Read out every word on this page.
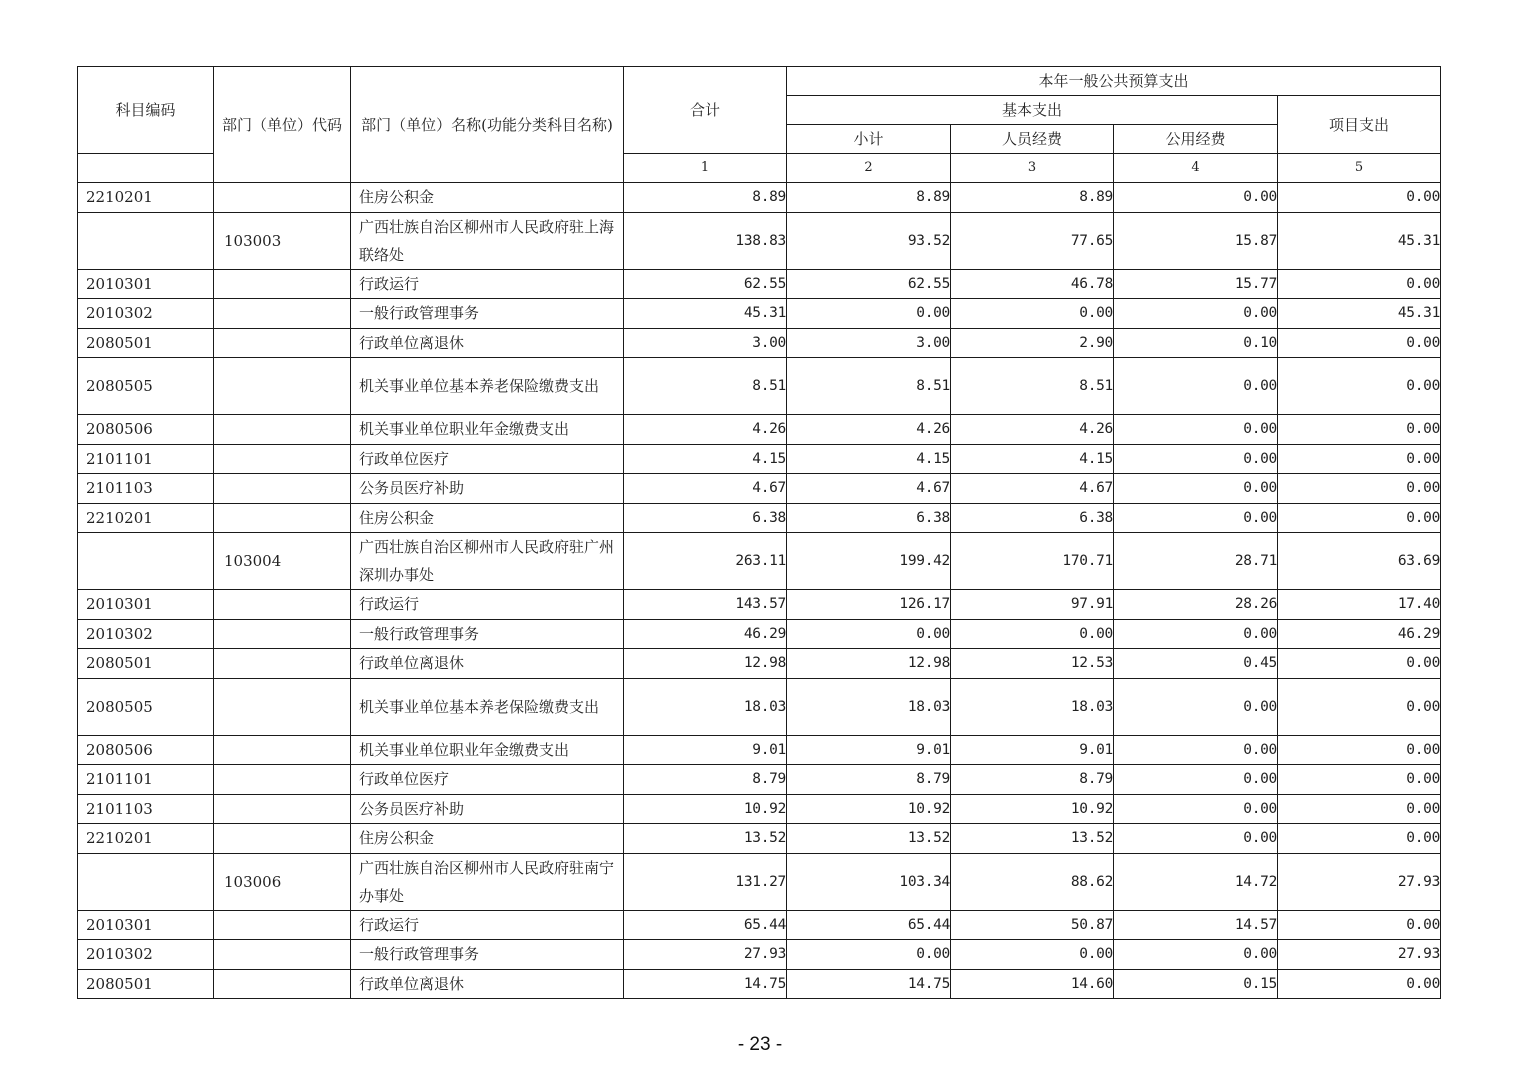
科目编码	部门（单位）代码	部门（单位）名称(功能分类科目名称)	合计	本年一般公共预算支出			
				基本支出			项目支出
				小计	人员经费	公用经费	
			1	2	3	4	5
2210201		住房公积金	8.89	8.89	8.89	0.00	0.00
	103003	广西壮族自治区柳州市人民政府驻上海联络处	138.83	93.52	77.65	15.87	45.31
2010301		行政运行	62.55	62.55	46.78	15.77	0.00
2010302		一般行政管理事务	45.31	0.00	0.00	0.00	45.31
2080501		行政单位离退休	3.00	3.00	2.90	0.10	0.00
2080505		机关事业单位基本养老保险缴费支出	8.51	8.51	8.51	0.00	0.00
2080506		机关事业单位职业年金缴费支出	4.26	4.26	4.26	0.00	0.00
2101101		行政单位医疗	4.15	4.15	4.15	0.00	0.00
2101103		公务员医疗补助	4.67	4.67	4.67	0.00	0.00
2210201		住房公积金	6.38	6.38	6.38	0.00	0.00
	103004	广西壮族自治区柳州市人民政府驻广州深圳办事处	263.11	199.42	170.71	28.71	63.69
2010301		行政运行	143.57	126.17	97.91	28.26	17.40
2010302		一般行政管理事务	46.29	0.00	0.00	0.00	46.29
2080501		行政单位离退休	12.98	12.98	12.53	0.45	0.00
2080505		机关事业单位基本养老保险缴费支出	18.03	18.03	18.03	0.00	0.00
2080506		机关事业单位职业年金缴费支出	9.01	9.01	9.01	0.00	0.00
2101101		行政单位医疗	8.79	8.79	8.79	0.00	0.00
2101103		公务员医疗补助	10.92	10.92	10.92	0.00	0.00
2210201		住房公积金	13.52	13.52	13.52	0.00	0.00
	103006	广西壮族自治区柳州市人民政府驻南宁办事处	131.27	103.34	88.62	14.72	27.93
2010301		行政运行	65.44	65.44	50.87	14.57	0.00
2010302		一般行政管理事务	27.93	0.00	0.00	0.00	27.93
2080501		行政单位离退休	14.75	14.75	14.60	0.15	0.00
- 23 -
